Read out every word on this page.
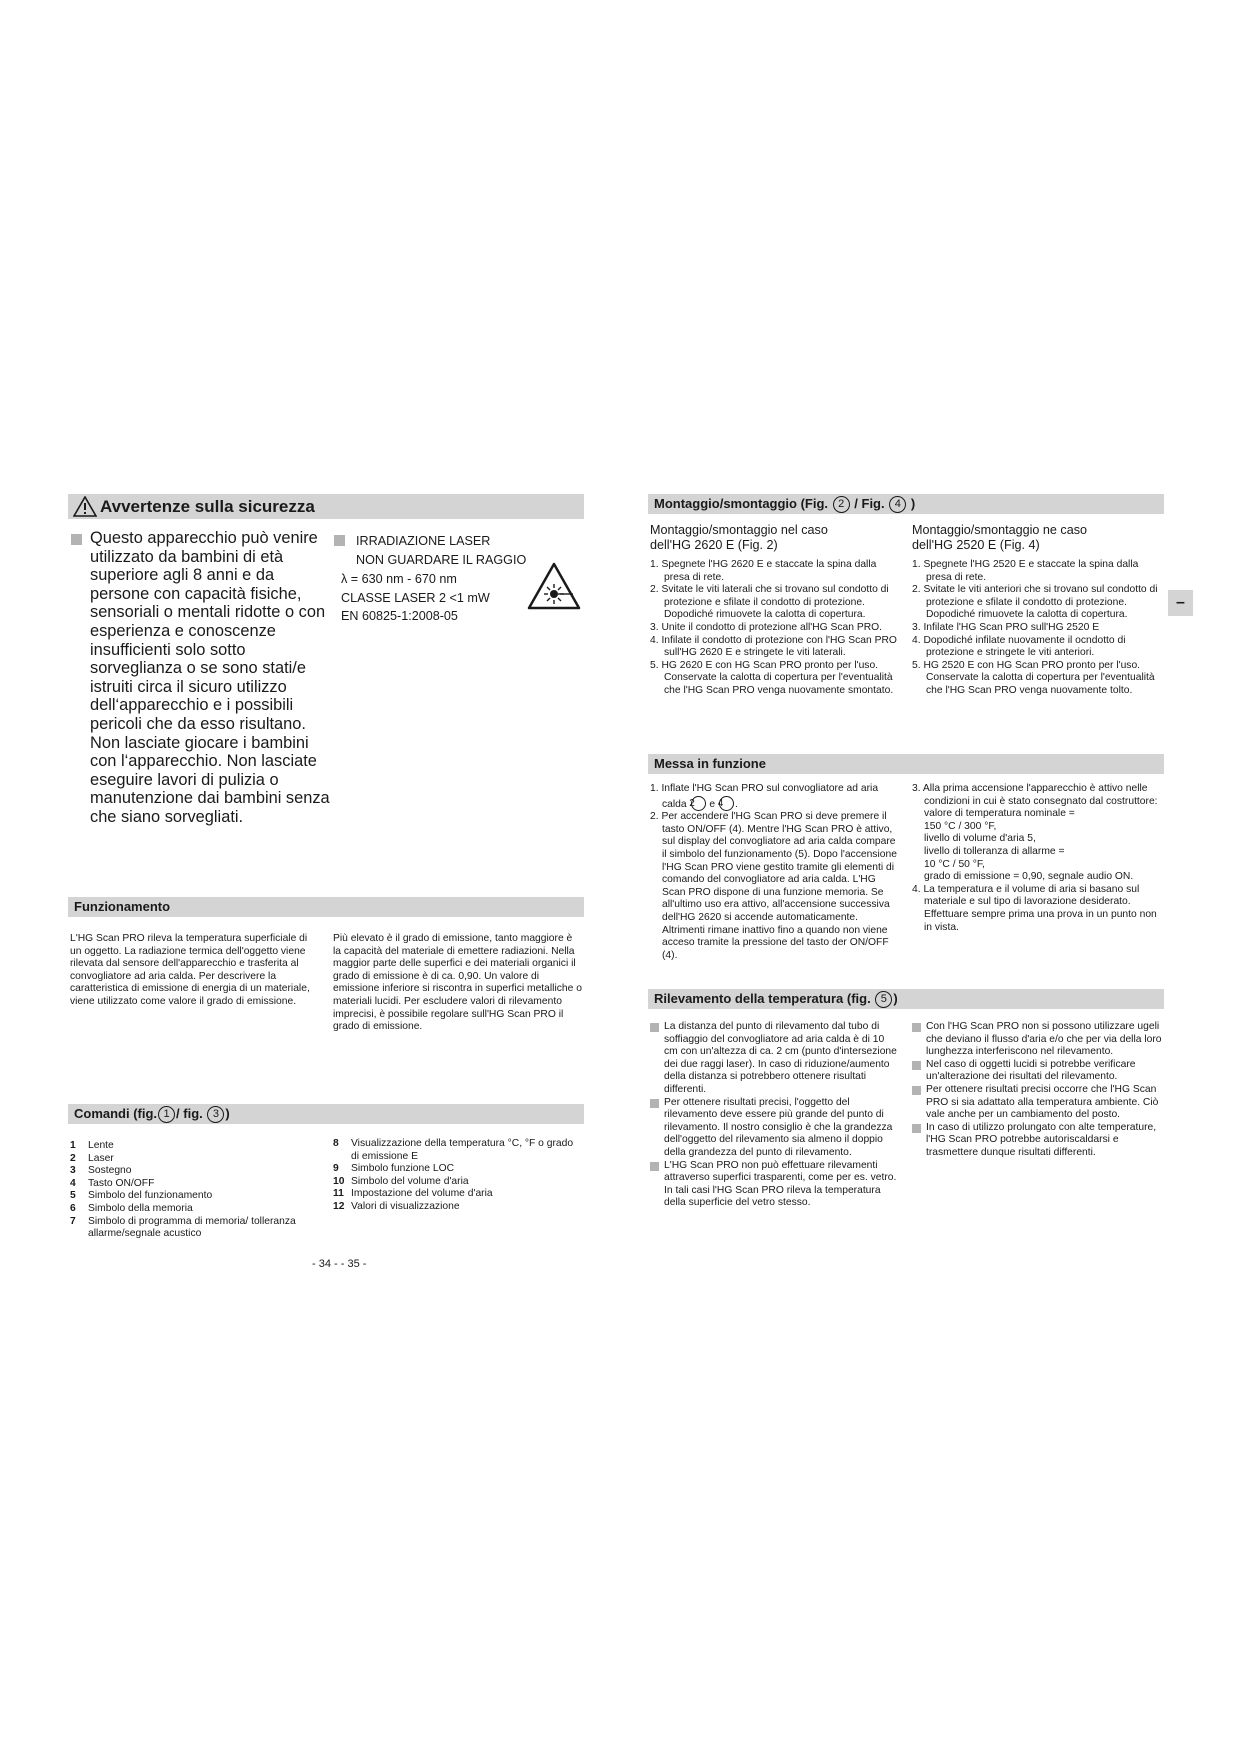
Avvertenze sulla sicurezza
Questo apparecchio può venire utilizzato da bambini di età superiore agli 8 anni e da persone con capacità fisiche, sensoriali o mentali ridotte o con esperienza e conoscenze insufficienti solo sotto sorveglianza o se sono stati/e istruiti circa il sicuro utilizzo dell‘apparecchio e i possibili pericoli che da esso risultano. Non lasciate giocare i bambini con l‘apparecchio. Non lasciate eseguire lavori di pulizia o manutenzione dai bambini senza che siano sorvegliati.
IRRADIAZIONE LASER
NON GUARDARE IL RAGGIO
λ = 630 nm - 670 nm
CLASSE LASER 2 <1 mW
EN 60825-1:2008-05
Funzionamento
L'HG Scan PRO rileva la temperatura superficiale di un oggetto. La radiazione termica dell'oggetto viene rilevata dal sensore dell'apparecchio e trasferita al convogliatore ad aria calda. Per descrivere la caratteristica di emissione di energia di un materiale, viene utilizzato come valore il grado di emissione.
Più elevato è il grado di emissione, tanto maggiore è la capacità del materiale di emettere radiazioni. Nella maggior parte delle superfici e dei materiali organici il grado di emissione è di ca. 0,90. Un valore di emissione inferiore si riscontra in superfici metalliche o materiali lucidi. Per escludere valori di rilevamento imprecisi, è possibile regolare sull'HG Scan PRO il grado di emissione.
Comandi (fig. 1 / fig. 3 )
1 Lente
2 Laser
3 Sostegno
4 Tasto ON/OFF
5 Simbolo del funzionamento
6 Simbolo della memoria
7 Simbolo di programma di memoria/ tolleranza allarme/segnale acustico
8 Visualizzazione della temperatura °C, °F o grado di emissione E
9 Simbolo funzione LOC
10 Simbolo del volume d'aria
11 Impostazione del volume d'aria
12 Valori di visualizzazione
- 34 - - 35 -
Montaggio/smontaggio (Fig. 2 / Fig. 4 )
Montaggio/smontaggio nel caso
dell'HG 2620 E (Fig. 2)
1. Spegnete l'HG 2620 E e staccate la spina dalla presa di rete.
2. Svitate le viti laterali che si trovano sul condotto di protezione e sfilate il condotto di protezione. Dopodiché rimuovete la calotta di copertura.
3. Unite il condotto di protezione all'HG Scan PRO.
4. Infilate il condotto di protezione con l'HG Scan PRO sull'HG 2620 E e stringete le viti laterali.
5. HG 2620 E con HG Scan PRO pronto per l'uso. Conservate la calotta di copertura per l'eventualità che l'HG Scan PRO venga nuovamente smontato.
Montaggio/smontaggio ne caso
dell'HG 2520 E (Fig. 4)
1. Spegnete l'HG 2520 E e staccate la spina dalla presa di rete.
2. Svitate le viti anteriori che si trovano sul condotto di protezione e sfilate il condotto di protezione. Dopodiché rimuovete la calotta di copertura.
3. Infilate l'HG Scan PRO sull'HG 2520 E
4. Dopodiché infilate nuovamente il ocndotto di protezione e stringete le viti anteriori.
5. HG 2520 E con HG Scan PRO pronto per l'uso. Conservate la calotta di copertura per l'eventualità che l'HG Scan PRO venga nuovamente tolto.
–
Messa in funzione
1. Inflate l'HG Scan PRO sul convogliatore ad aria calda 2 e 4 .
2. Per accendere l'HG Scan PRO si deve premere il tasto ON/OFF (4). Mentre l'HG Scan PRO è attivo, sul display del convogliatore ad aria calda compare il simbolo del funzionamento (5). Dopo l'accensione l'HG Scan PRO viene gestito tramite gli elementi di comando del convogliatore ad aria calda. L'HG Scan PRO dispone di una funzione memoria. Se all'ultimo uso era attivo, all'accensione successiva dell'HG 2620 si accende automaticamente. Altrimenti rimane inattivo fino a quando non viene acceso tramite la pressione del tasto der ON/OFF (4).
3. Alla prima accensione l'apparecchio è attivo nelle condizioni in cui è stato consegnato dal costruttore:
valore di temperatura nominale =
150 °C / 300 °F,
livello di volume d'aria 5,
livello di tolleranza di allarme =
10 °C / 50 °F,
grado di emissione = 0,90, segnale audio ON.
4. La temperatura e il volume di aria si basano sul materiale e sul tipo di lavorazione desiderato. Effettuare sempre prima una prova in un punto non in vista.
Rilevamento della temperatura (fig. 5 )
La distanza del punto di rilevamento dal tubo di soffiaggio del convogliatore ad aria calda è di 10 cm con un'altezza di ca. 2 cm (punto d'intersezione dei due raggi laser). In caso di riduzione/aumento della distanza si potrebbero ottenere risultati differenti.
Per ottenere risultati precisi, l'oggetto del rilevamento deve essere più grande del punto di rilevamento. Il nostro consiglio è che la grandezza dell'oggetto del rilevamento sia almeno il doppio della grandezza del punto di rilevamento.
L'HG Scan PRO non può effettuare rilevamenti attraverso superfici trasparenti, come per es. vetro. In tali casi l'HG Scan PRO rileva la temperatura della superficie del vetro stesso.
Con l'HG Scan PRO non si possono utilizzare ugeli che deviano il flusso d'aria e/o che per via della loro lunghezza interferiscono nel rilevamento.
Nel caso di oggetti lucidi si potrebbe verificare un'alterazione dei risultati del rilevamento.
Per ottenere risultati precisi occorre che l'HG Scan PRO si sia adattato alla temperatura ambiente. Ciò vale anche per un cambiamento del posto.
In caso di utilizzo prolungato con alte temperature, l'HG Scan PRO potrebbe autoriscaldarsi e trasmettere dunque risultati differenti.
